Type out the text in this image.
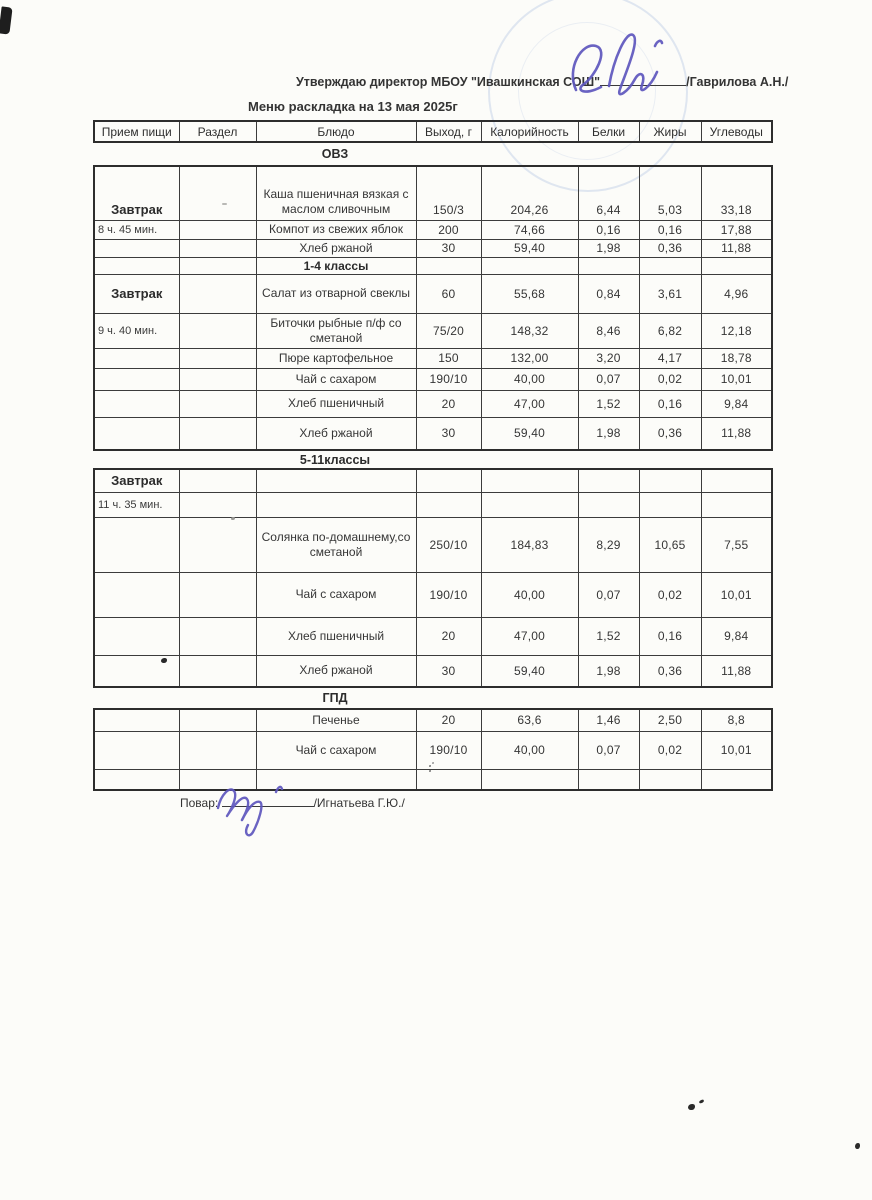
Утверждаю директор МБОУ "Ивашкинская СОШ"	/Гаврилова А.Н./
Меню раскладка на 13 мая 2025г
Прием пищи	Раздел	Блюдо	Выход, г	Калорийность	Белки	Жиры	Углеводы
ОВЗ
Завтрак		Каша пшеничная вязкая с маслом сливочным	150/3	204,26	6,44	5,03	33,18
8 ч. 45 мин.		Компот из свежих яблок	200	74,66	0,16	0,16	17,88
		Хлеб ржаной	30	59,40	1,98	0,36	11,88
		1-4 классы					
Завтрак		Салат из отварной свеклы	60	55,68	0,84	3,61	4,96
9 ч. 40 мин.		Биточки рыбные п/ф со сметаной	75/20	148,32	8,46	6,82	12,18
		Пюре картофельное	150	132,00	3,20	4,17	18,78
		Чай с сахаром	190/10	40,00	0,07	0,02	10,01
		Хлеб пшеничный	20	47,00	1,52	0,16	9,84
		Хлеб ржаной	30	59,40	1,98	0,36	11,88
5-11классы
Завтрак							
11 ч. 35 мин.							
		Солянка по-домашнему,со сметаной	250/10	184,83	8,29	10,65	7,55
		Чай с сахаром	190/10	40,00	0,07	0,02	10,01
		Хлеб пшеничный	20	47,00	1,52	0,16	9,84
		Хлеб ржаной	30	59,40	1,98	0,36	11,88
ГПД
		Печенье	20	63,6	1,46	2,50	8,8
		Чай с сахаром	190/10	40,00	0,07	0,02	10,01

Повар:	/Игнатьева Г.Ю./
